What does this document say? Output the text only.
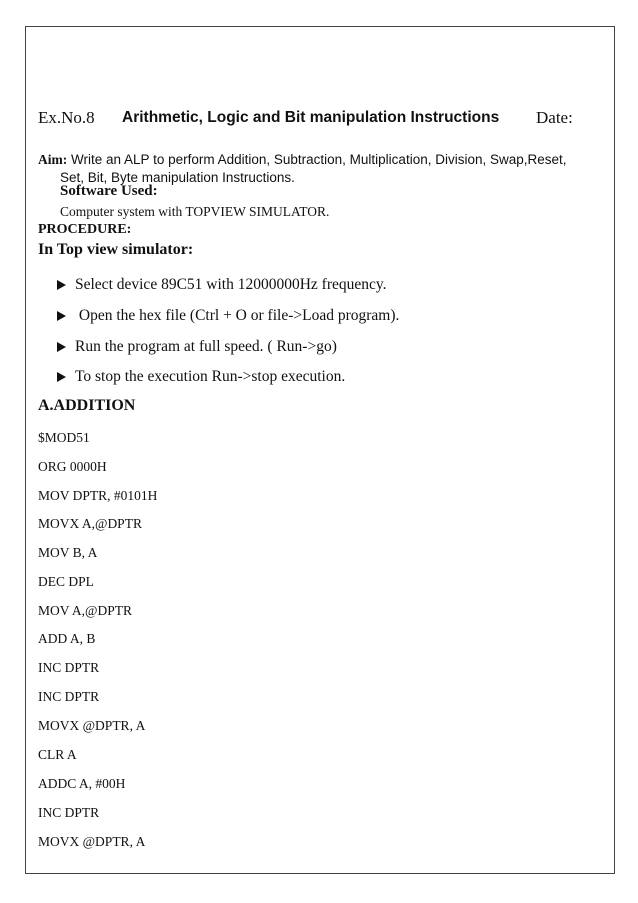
Ex.No.8 Arithmetic, Logic and Bit manipulation Instructions Date:
Aim: Write an ALP to perform Addition, Subtraction, Multiplication, Division, Swap,Reset,
Set, Bit, Byte manipulation Instructions.
Software Used:
Computer system with TOPVIEW SIMULATOR.
PROCEDURE:
In Top view simulator:
Select device 89C51 with 12000000Hz frequency.
Open the hex file (Ctrl + O or file->Load program).
Run the program at full speed. ( Run->go)
To stop the execution Run->stop execution.
A.ADDITION
$MOD51
ORG 0000H
MOV DPTR, #0101H
MOVX A,@DPTR
MOV B, A
DEC DPL
MOV A,@DPTR
ADD A, B
INC DPTR
INC DPTR
MOVX @DPTR, A
CLR A
ADDC A, #00H
INC DPTR
MOVX @DPTR, A
